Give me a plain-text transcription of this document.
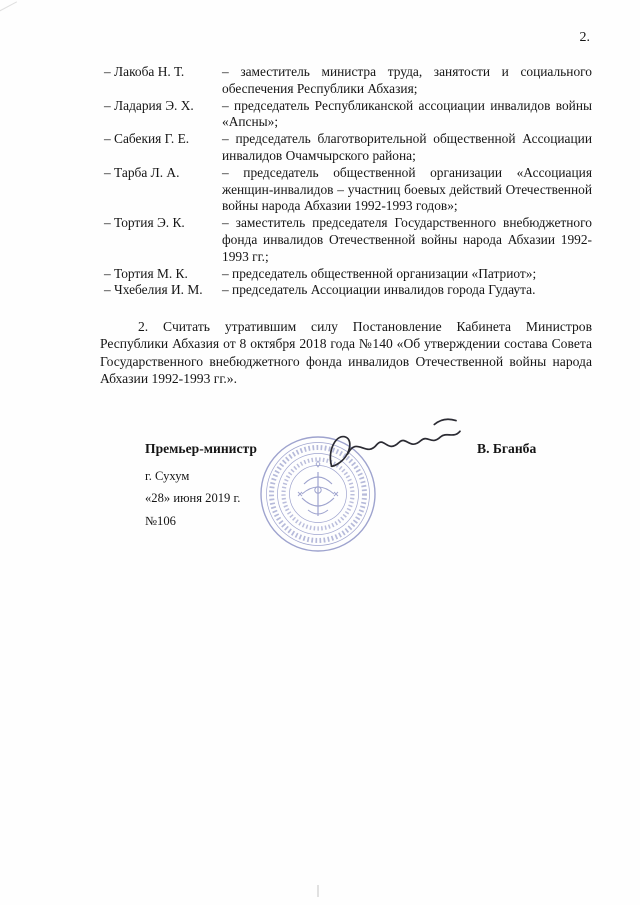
2.
– Лакоба Н. Т.	– заместитель министра труда, занятости и социального обеспечения Республики Абхазия;
– Ладария Э. Х.	– председатель Республиканской ассоциации инвалидов войны «Апсны»;
– Сабекия Г. Е.	– председатель благотворительной общественной Ассоциации инвалидов Очамчырского района;
– Тарба Л. А.	– председатель общественной организации «Ассоциация женщин-инвалидов – участниц боевых действий Отечественной войны народа Абхазии 1992-1993 годов»;
– Тортия Э. К.	– заместитель председателя Государственного внебюджетного фонда инвалидов Отечественной войны народа Абхазии 1992-1993 гг.;
– Тортия М. К.	– председатель общественной организации «Патриот»;
– Чхебелия И. М.	– председатель Ассоциации инвалидов города Гудаута.

2. Считать утратившим силу Постановление Кабинета Министров Республики Абхазия от 8 октября 2018 года №140 «Об утверждении состава Совета Государственного внебюджетного фонда инвалидов Отечественной войны народа Абхазии 1992-1993 гг.».

Премьер-министр	В. Бганба
г. Сухум
«28» июня 2019 г.
№106
